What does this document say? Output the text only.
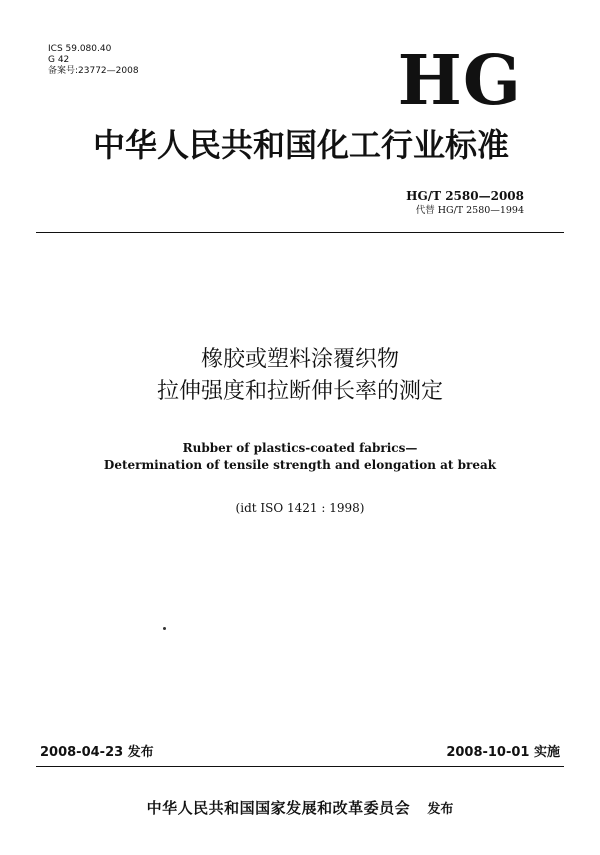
ICS 59.080.40
G 42
备案号:23772—2008	HG
中华人民共和国化工行业标准
HG/T 2580—2008
代替 HG/T 2580—1994
橡胶或塑料涂覆织物
拉伸强度和拉断伸长率的测定
Rubber of plastics-coated fabrics—
Determination of tensile strength and elongation at break
(idt ISO 1421 : 1998)
2008-04-23 发布	2008-10-01 实施
中华人民共和国国家发展和改革委员会 发布
